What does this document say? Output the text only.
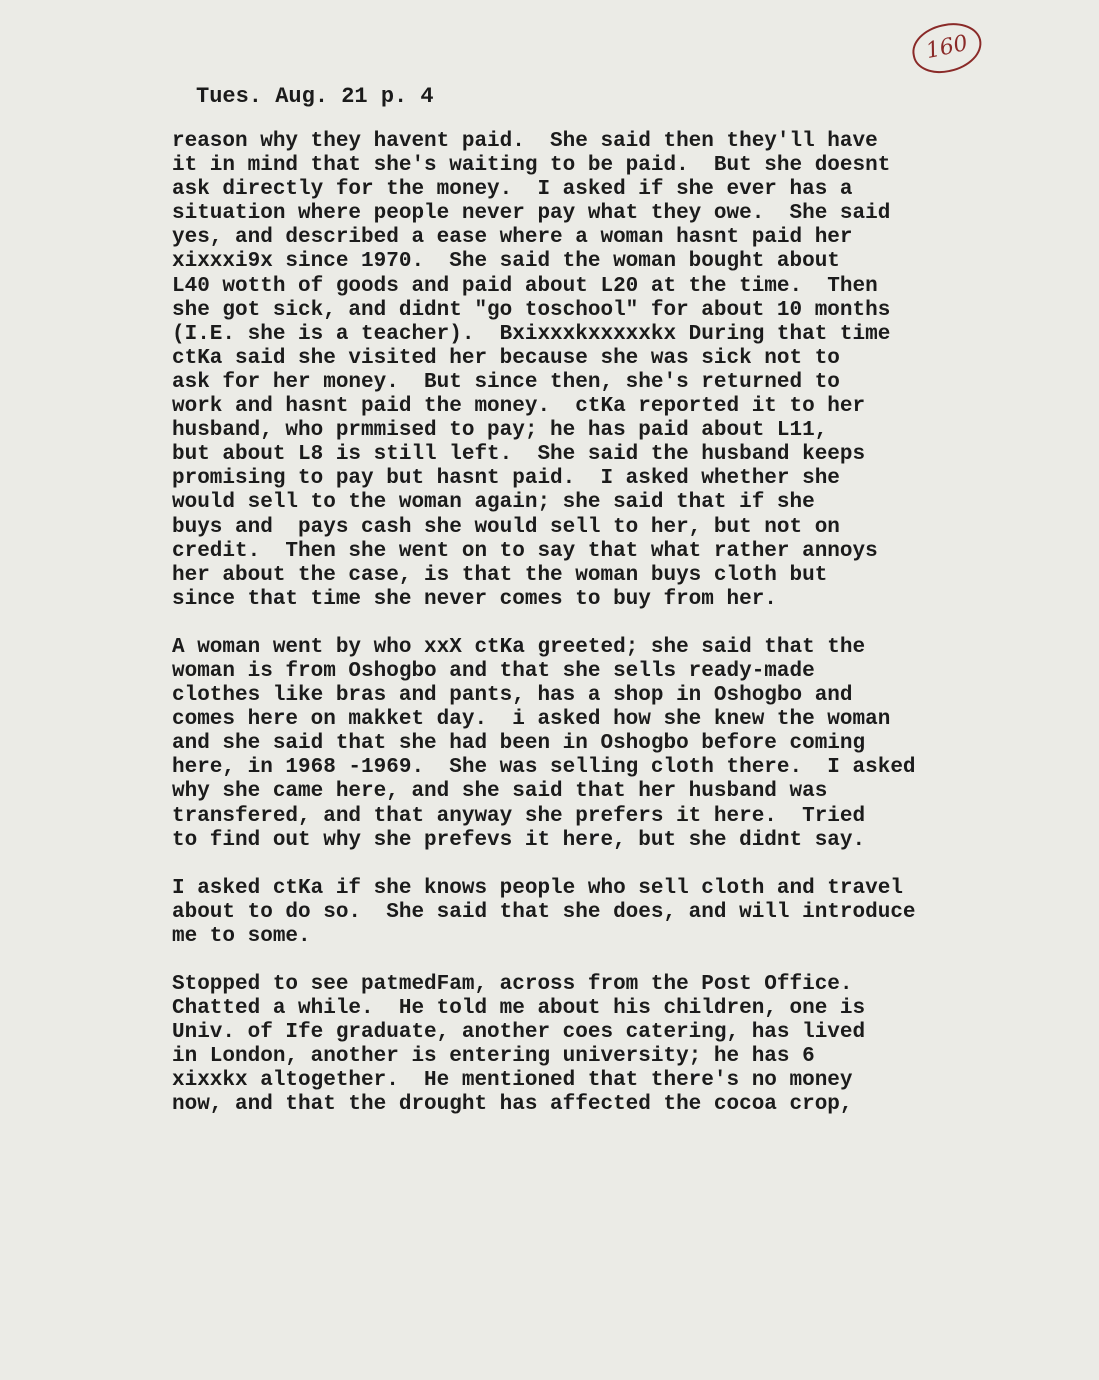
160
Tues. Aug. 21 p. 4
reason why they havent paid.  She said then they'll have
it in mind that she's waiting to be paid.  But she doesnt
ask directly for the money.  I asked if she ever has a
situation where people never pay what they owe.  She said
yes, and described a ease where a woman hasnt paid her
xixxxi9x since 1970.  She said the woman bought about
L40 wotth of goods and paid about L20 at the time.  Then
she got sick, and didnt "go toschool" for about 10 months
(I.E. she is a teacher).  Bxixxxkxxxxxkx During that time
ctKa said she visited her because she was sick not to
ask for her money.  But since then, she's returned to
work and hasnt paid the money.  ctKa reported it to her
husband, who prmmised to pay; he has paid about L11,
but about L8 is still left.  She said the husband keeps
promising to pay but hasnt paid.  I asked whether she
would sell to the woman again; she said that if she
buys and  pays cash she would sell to her, but not on
credit.  Then she went on to say that what rather annoys
her about the case, is that the woman buys cloth but
since that time she never comes to buy from her.
A woman went by who xxX ctKa greeted; she said that the
woman is from Oshogbo and that she sells ready-made
clothes like bras and pants, has a shop in Oshogbo and
comes here on makket day.  i asked how she knew the woman
and she said that she had been in Oshogbo before coming
here, in 1968 -1969.  She was selling cloth there.  I asked
why she came here, and she said that her husband was
transfered, and that anyway she prefers it here.  Tried
to find out why she prefevs it here, but she didnt say.
I asked ctKa if she knows people who sell cloth and travel
about to do so.  She said that she does, and will introduce
me to some.
Stopped to see patmedFam, across from the Post Office.
Chatted a while.  He told me about his children, one is
Univ. of Ife graduate, another coes catering, has lived
in London, another is entering university; he has 6
xixxkx altogether.  He mentioned that there's no money
now, and that the drought has affected the cocoa crop,
